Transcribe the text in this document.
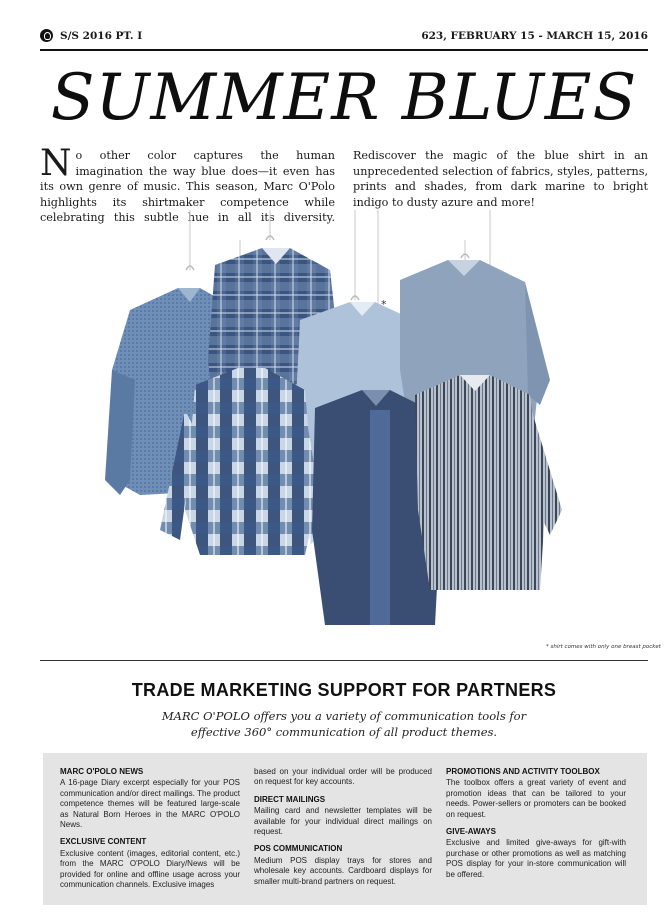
S/S 2016 PT. I	623, FEBRUARY 15 - MARCH 15, 2016
SUMMER BLUES
No other color captures the human imagination the way blue does—it even has its own genre of music. This season, Marc O'Polo highlights its shirtmaker competence while celebrating this subtle hue in all its diversity. Rediscover the magic of the blue shirt in an unprecedented selection of fabrics, styles, patterns, prints and shades, from dark marine to bright indigo to dusty azure and more!
*
* shirt comes with only one breast pocket
TRADE MARKETING SUPPORT FOR PARTNERS
MARC O'POLO offers you a variety of communication tools for effective 360° communication of all product themes.
MARC O'POLO NEWS

A 16-page Diary excerpt especially for your POS communication and/or direct mailings. The product competence themes will be featured large-scale as Natural Born Heroes in the MARC O'POLO News.

EXCLUSIVE CONTENT

Exclusive content (images, editorial content, etc.) from the MARC O'POLO Diary/News will be provided for online and offline usage across your communication channels. Exclusive images

based on your individual order will be produced on request for key accounts.

DIRECT MAILINGS

Mailing card and newsletter templates will be available for your individual direct mailings on request.

POS COMMUNICATION

Medium POS display trays for stores and wholesale key accounts. Cardboard displays for smaller multi-brand partners on request.

PROMOTIONS AND ACTIVITY TOOLBOX

The toolbox offers a great variety of event and promotion ideas that can be tailored to your needs. Power-sellers or promoters can be booked on request.

GIVE-AWAYS

Exclusive and limited give-aways for gift-with purchase or other promotions as well as matching POS display for your in-store communication will be offered.
